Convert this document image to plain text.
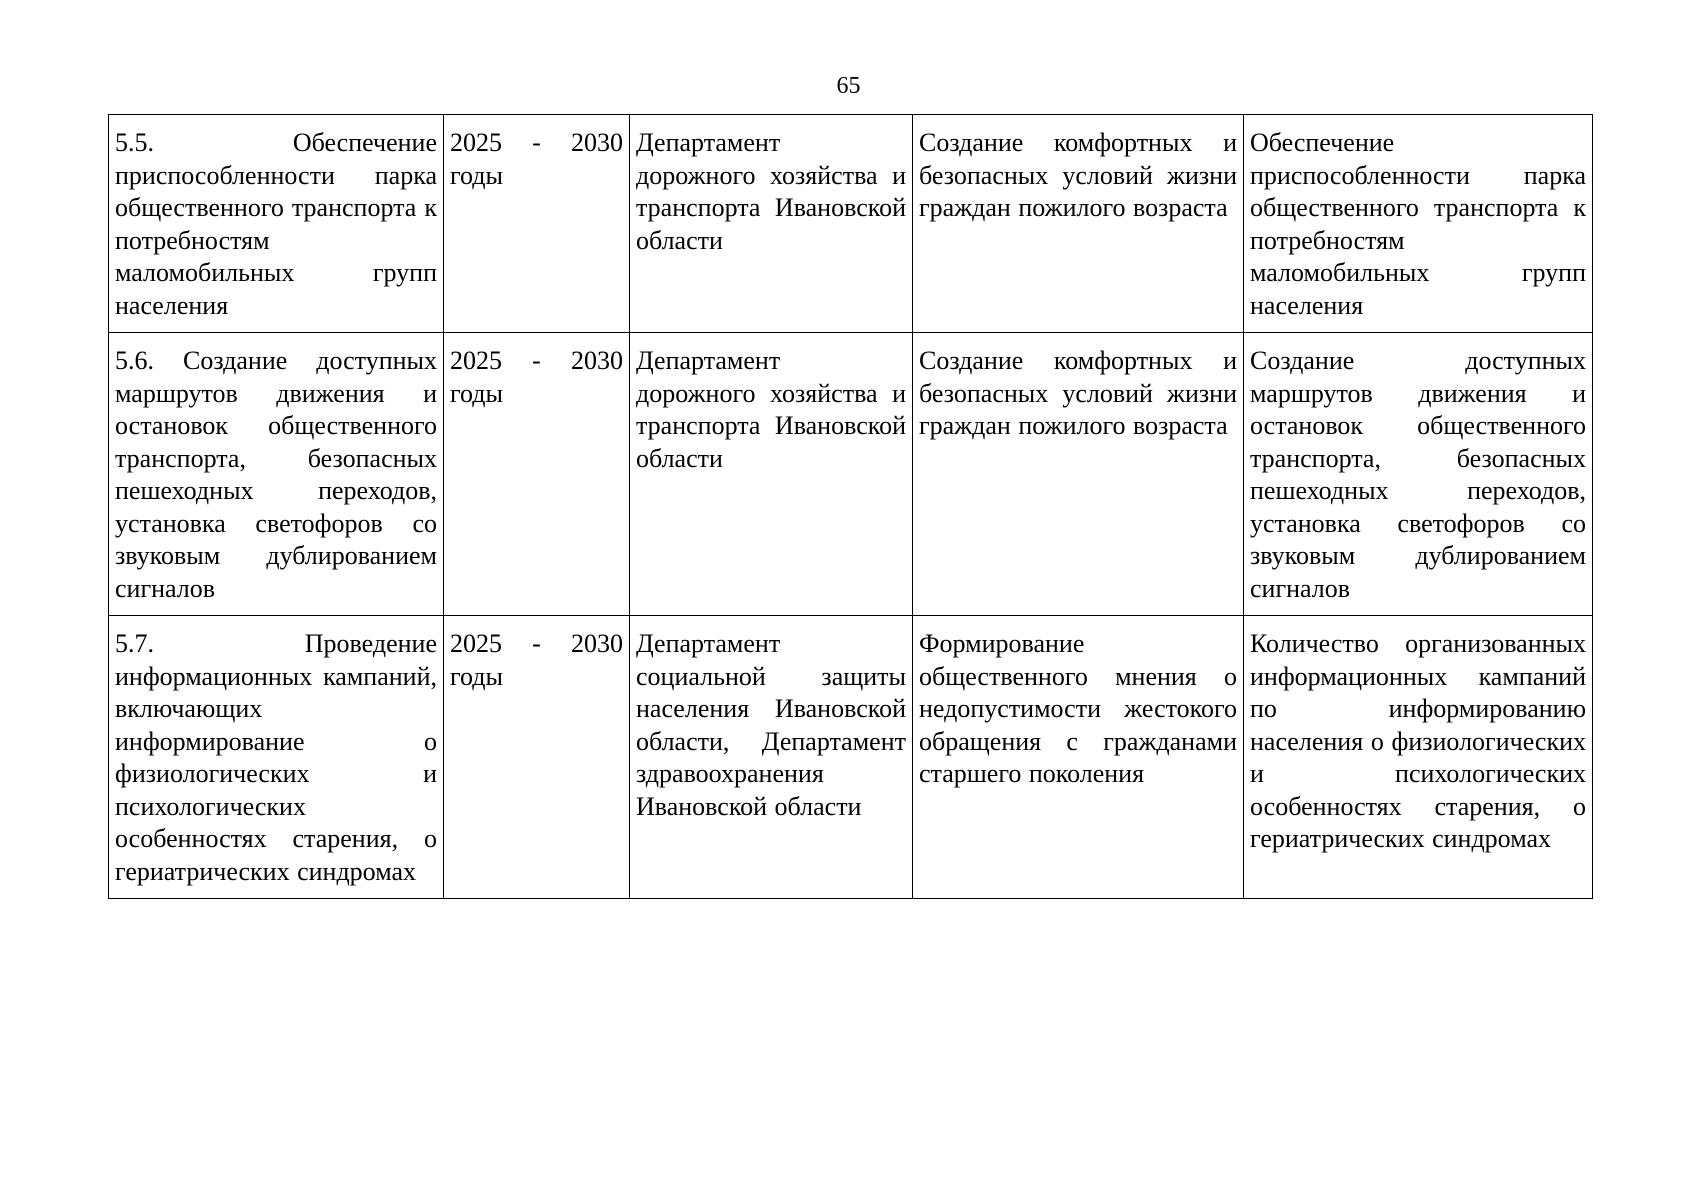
65
5.5. Обеспечение приспособленности парка общественного транспорта к потребностям маломобильных групп населения	2025 - 2030 годы	Департамент дорожного хозяйства и транспорта Ивановской области	Создание комфортных и безопасных условий жизни граждан пожилого возраста	Обеспечение приспособленности парка общественного транспорта к потребностям маломобильных групп населения
5.6. Создание доступных маршрутов движения и остановок общественного транспорта, безопасных пешеходных переходов, установка светофоров со звуковым дублированием сигналов	2025 - 2030 годы	Департамент дорожного хозяйства и транспорта Ивановской области	Создание комфортных и безопасных условий жизни граждан пожилого возраста	Создание доступных маршрутов движения и остановок общественного транспорта, безопасных пешеходных переходов, установка светофоров со звуковым дублированием сигналов
5.7. Проведение информационных кампаний, включающих информирование о физиологических и психологических особенностях старения, о гериатрических синдромах	2025 - 2030 годы	Департамент социальной защиты населения Ивановской области, Департамент здравоохранения Ивановской области	Формирование общественного мнения о недопустимости жестокого обращения с гражданами старшего поколения	Количество организованных информационных кампаний по информированию населения о физиологических и психологических особенностях старения, о гериатрических синдромах
